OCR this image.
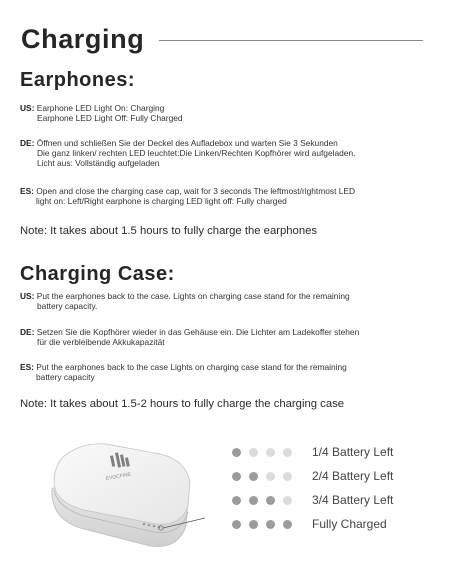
Charging
Earphones:
US: Earphone LED Light On: Charging
Earphone LED Light Off: Fully Charged
DE: Öffnen und schließen Sie der Deckel des Aufladebox und warten Sie 3 Sekunden
Die ganz linken/ rechten LED leuchtet:Die Linken/Rechten Kopfhörer wird aufgeladen.
Licht aus: Vollständig aufgeladen
ES: Open and close the charging case cap, wait for 3 seconds The leftmost/rightmost LED
light on: Left/Right earphone is charging LED light off: Fully charged
Note: It takes about 1.5 hours to fully charge the earphones
Charging Case:
US: Put the earphones back to the case. Lights on charging case stand for the remaining
battery capacity.
DE: Setzen Sie die Kopfhörer wieder in das Gehäuse ein. Die Lichter am Ladekoffer stehen
für die verbleibende Akkukapazität
ES: Put the earphones back to the case Lights on charging case stand for the remaining
battery capacity
Note: It takes about 1.5-2 hours to fully charge the charging case
EVOCFINE
1/4 Battery Left
2/4 Battery Left
3/4 Battery Left
Fully Charged
